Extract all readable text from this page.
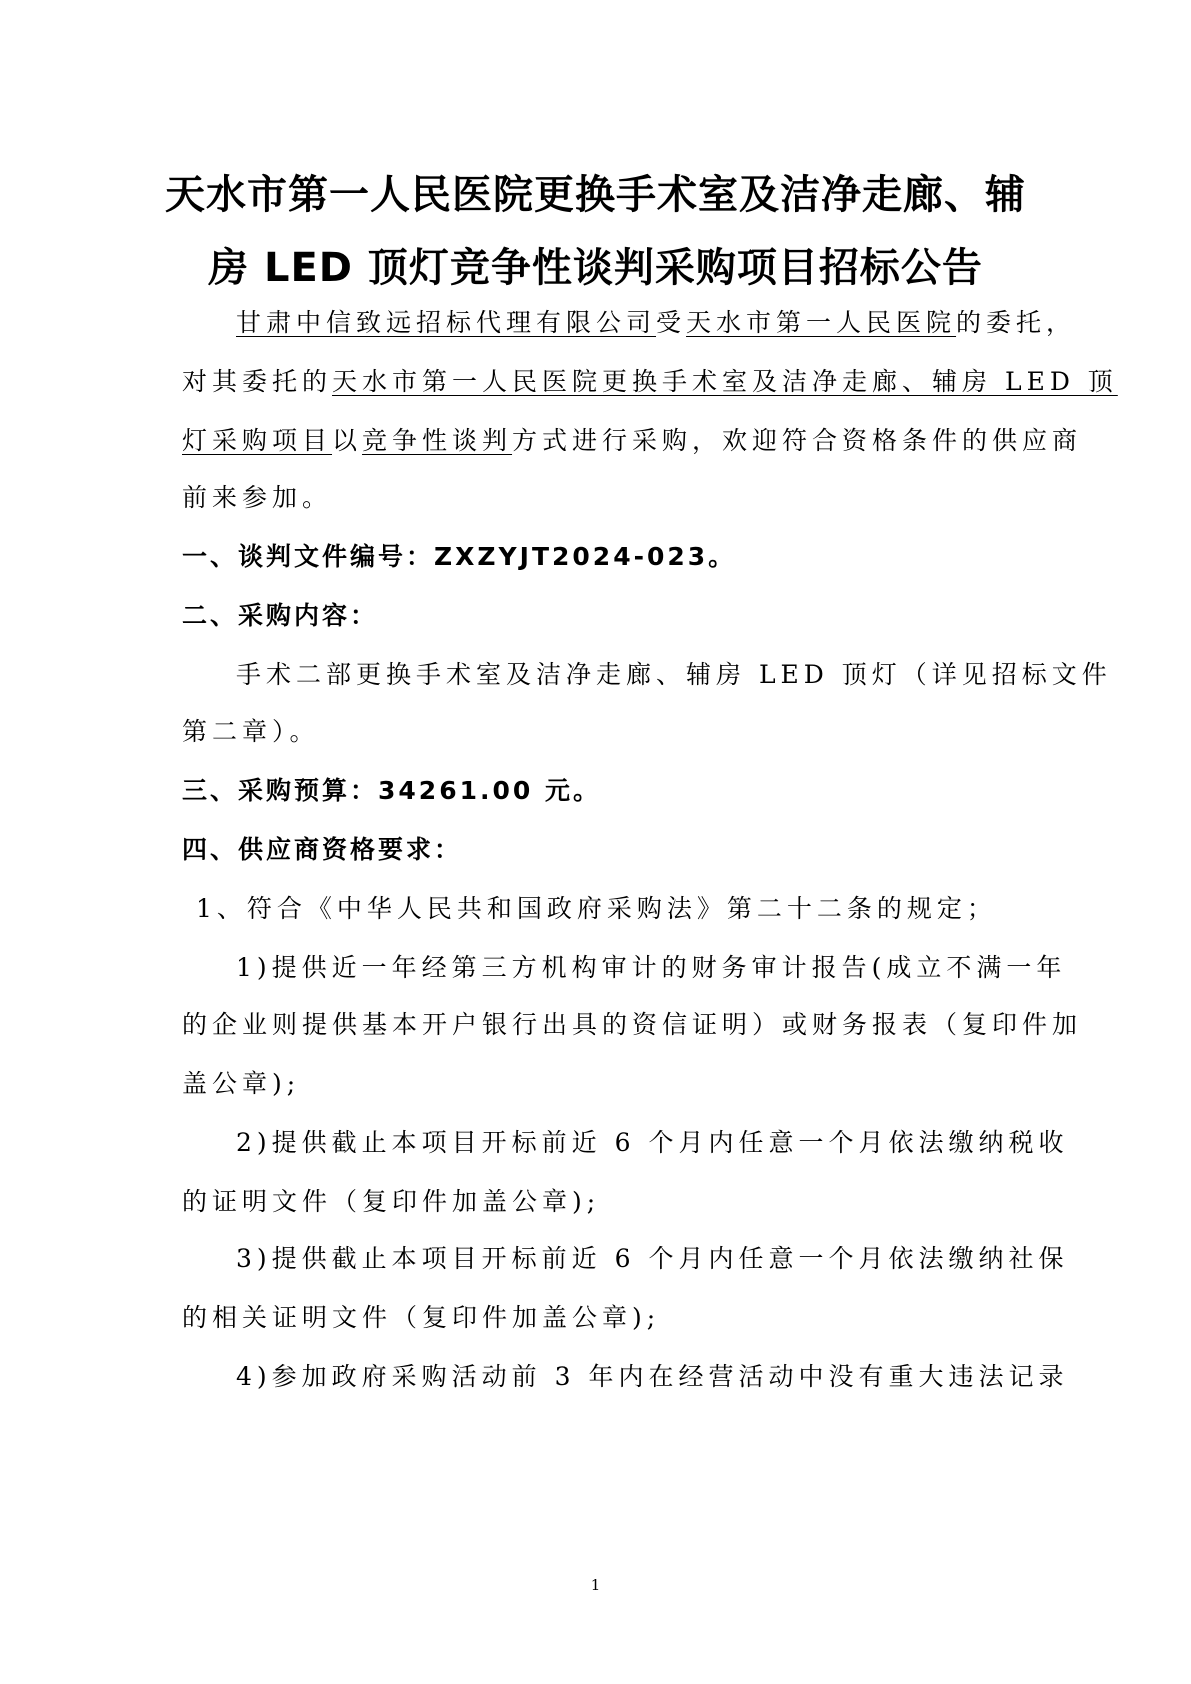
天水市第一人民医院更换手术室及洁净走廊、辅
房 LED 顶灯竞争性谈判采购项目招标公告

甘肃中信致远招标代理有限公司受天水市第一人民医院的委托，

对其委托的天水市第一人民医院更换手术室及洁净走廊、辅房 LED 顶

灯采购项目以竞争性谈判方式进行采购，欢迎符合资格条件的供应商

前来参加。

一、谈判文件编号：ZXZYJT2024-023。

二、采购内容：

手术二部更换手术室及洁净走廊、辅房 LED 顶灯（详见招标文件

第二章）。

三、采购预算：34261.00 元。

四、供应商资格要求：

1、符合《中华人民共和国政府采购法》第二十二条的规定；

1)提供近一年经第三方机构审计的财务审计报告(成立不满一年

的企业则提供基本开户银行出具的资信证明）或财务报表（复印件加

盖公章);

2)提供截止本项目开标前近 6 个月内任意一个月依法缴纳税收

的证明文件（复印件加盖公章);

3)提供截止本项目开标前近 6 个月内任意一个月依法缴纳社保

的相关证明文件（复印件加盖公章);

4)参加政府采购活动前 3 年内在经营活动中没有重大违法记录

1
